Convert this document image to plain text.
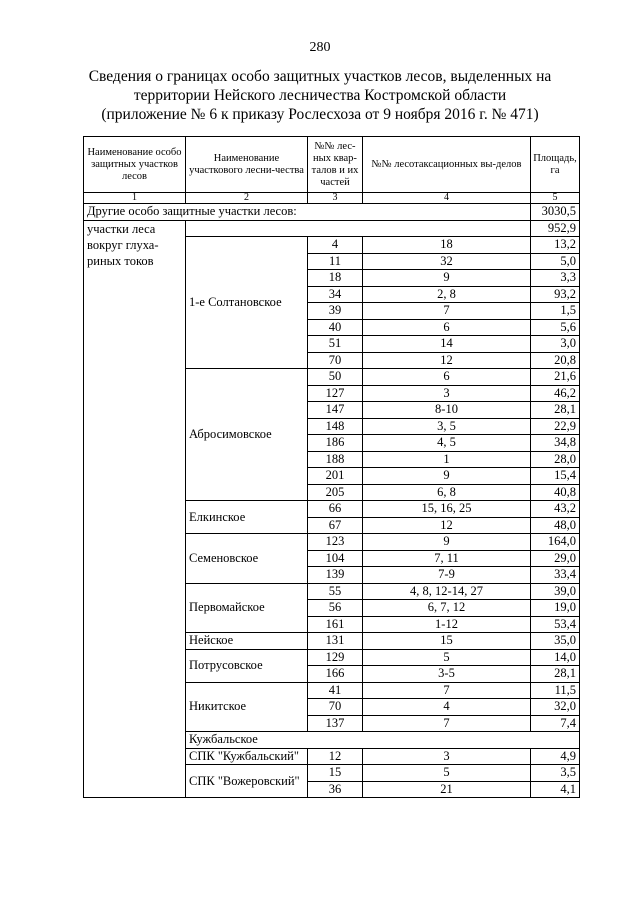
280
Сведения о границах особо защитных участков лесов, выделенных на
территории Нейского лесничества Костромской области
(приложение № 6 к приказу Рослесхоза от 9 ноября 2016 г. № 471)
Наименование особо защитных участков лесов	Наименование участкового лесни-чества	№№ лес-ных квар-талов и их частей	№№ лесотаксационных вы-делов	Площадь, га
1	2	3	4	5
Другие особо защитные участки лесов:				3030,5
участки леса вокруг глуха-риных токов				952,9
	1-е Солтановское	4	18	13,2
		11	32	5,0
		18	9	3,3
		34	2, 8	93,2
		39	7	1,5
		40	6	5,6
		51	14	3,0
		70	12	20,8
	Абросимовское	50	6	21,6
		127	3	46,2
		147	8-10	28,1
		148	3, 5	22,9
		186	4, 5	34,8
		188	1	28,0
		201	9	15,4
		205	6, 8	40,8
	Елкинское	66	15, 16, 25	43,2
		67	12	48,0
	Семеновское	123	9	164,0
		104	7, 11	29,0
		139	7-9	33,4
	Первомайское	55	4, 8, 12-14, 27	39,0
		56	6, 7, 12	19,0
		161	1-12	53,4
	Нейское	131	15	35,0
	Потрусовское	129	5	14,0
		166	3-5	28,1
	Никитское	41	7	11,5
		70	4	32,0
		137	7	7,4
	Кужбальское			
	СПК "Кужбальский"	12	3	4,9
	СПК "Вожеровский"	15	5	3,5
		36	21	4,1
